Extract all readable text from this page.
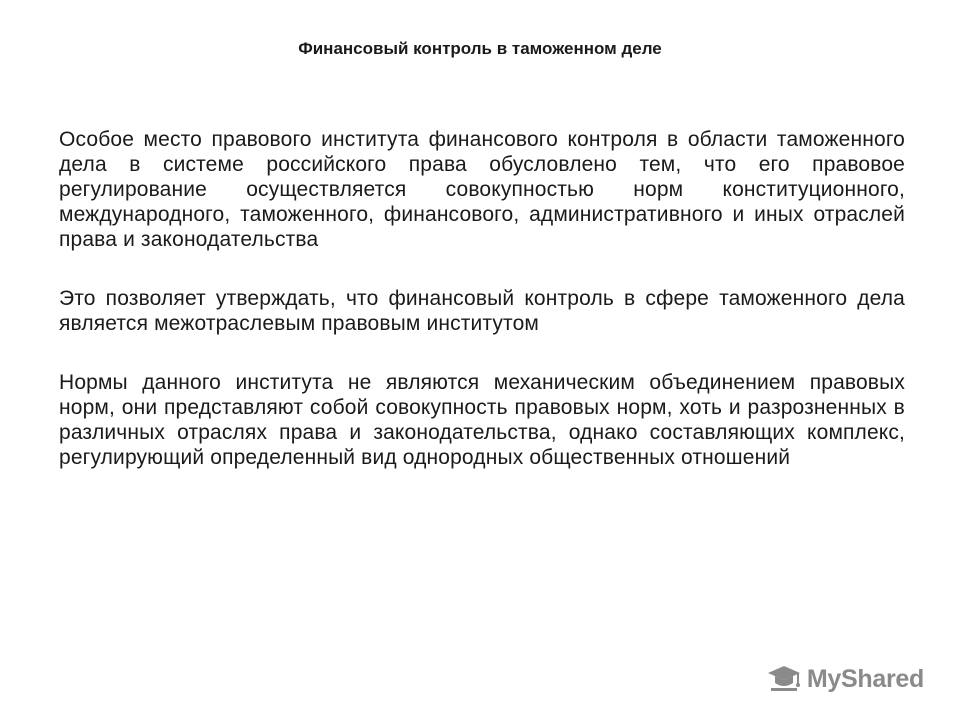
Финансовый контроль в таможенном деле

Особое место правового института финансового контроля в области таможенного дела в системе российского права обусловлено тем, что его правовое регулирование осуществляется совокупностью норм конституционного, международного, таможенного, финансового, административного и иных отраслей права и законодательства

Это позволяет утверждать, что финансовый контроль в сфере таможенного дела является межотраслевым правовым институтом

Нормы данного института не являются механическим объединением правовых норм, они представляют собой совокупность правовых норм, хоть и разрозненных в различных отраслях права и законодательства, однако составляющих комплекс, регулирующий определенный вид однородных общественных отношений

MyShared
